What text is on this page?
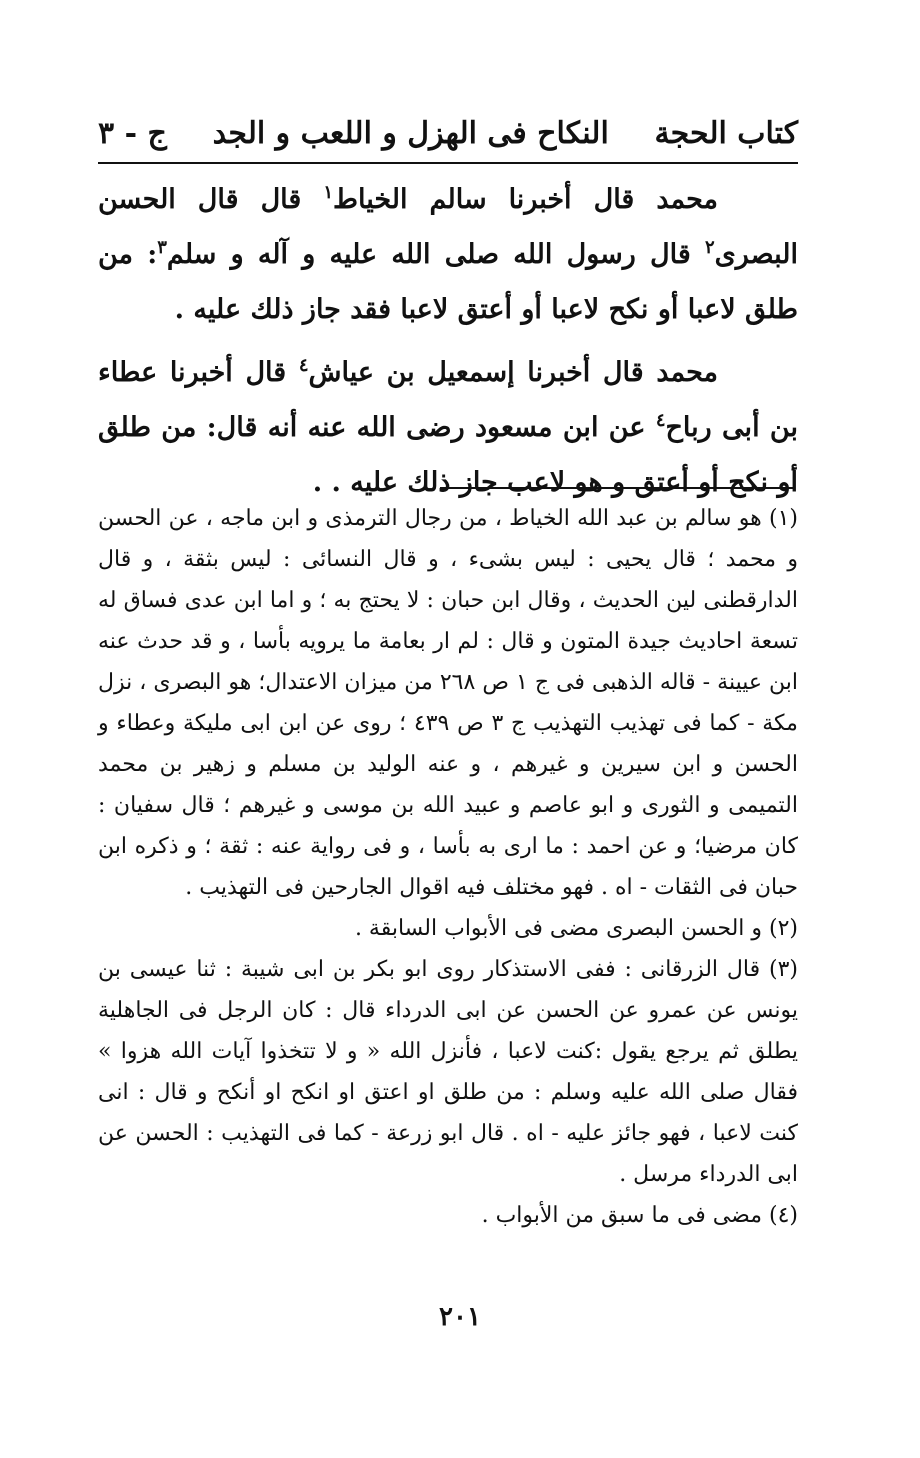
كتاب الحجة
النكاح فى الهزل و اللعب و الجد
ج - ٣

محمد قال أخبرنا سالم الخياط$^١$ قال قال الحسن البصرى$^٢$ قال رسول الله صلى الله عليه و آله و سلم$^٣$: من طلق لاعبا أو نكح لاعبا أو أعتق لاعبا فقد جاز ذلك عليه .

محمد قال أخبرنا إسمعيل بن عياش$^٤$ قال أخبرنا عطاء بن أبى رباح$^٤$ عن ابن مسعود رضى الله عنه أنه قال: من طلق أو نكح أو أعتق و هو لاعب جاز ذلك عليه . .

(١) هو سالم بن عبد الله الخياط ، من رجال الترمذى و ابن ماجه ، عن الحسن و محمد ؛ قال يحيى : ليس بشىء ، و قال النسائى : ليس بثقة ، و قال الدارقطنى لين الحديث ، وقال ابن حبان : لا يحتج به ؛ و اما ابن عدى فساق له تسعة احاديث جيدة المتون و قال : لم ار بعامة ما يرويه بأسا ، و قد حدث عنه ابن عيينة - قاله الذهبى فى ج ١ ص ٢٦٨ من ميزان الاعتدال؛ هو البصرى ، نزل مكة - كما فى تهذيب التهذيب ج ٣ ص ٤٣٩ ؛ روى عن ابن ابى مليكة وعطاء و الحسن و ابن سيرين و غيرهم ، و عنه الوليد بن مسلم و زهير بن محمد التميمى و الثورى و ابو عاصم و عبيد الله بن موسى و غيرهم ؛ قال سفيان : كان مرضيا؛ و عن احمد : ما ارى به بأسا ، و فى رواية عنه : ثقة ؛ و ذكره ابن حبان فى الثقات - اه . فهو مختلف فيه اقوال الجارحين فى التهذيب .

(٢) و الحسن البصرى مضى فى الأبواب السابقة .

(٣) قال الزرقانى : ففى الاستذكار روى ابو بكر بن ابى شيبة : ثنا عيسى بن يونس عن عمرو عن الحسن عن ابى الدرداء قال : كان الرجل فى الجاهلية يطلق ثم يرجع يقول :كنت لاعبا ، فأنزل الله « و لا تتخذوا آيات الله هزوا » فقال صلى الله عليه وسلم : من طلق او اعتق او انكح او أنكح و قال : انى كنت لاعبا ، فهو جائز عليه - اه . قال ابو زرعة - كما فى التهذيب : الحسن عن ابى الدرداء مرسل .

(٤) مضى فى ما سبق من الأبواب .

٢٠١
